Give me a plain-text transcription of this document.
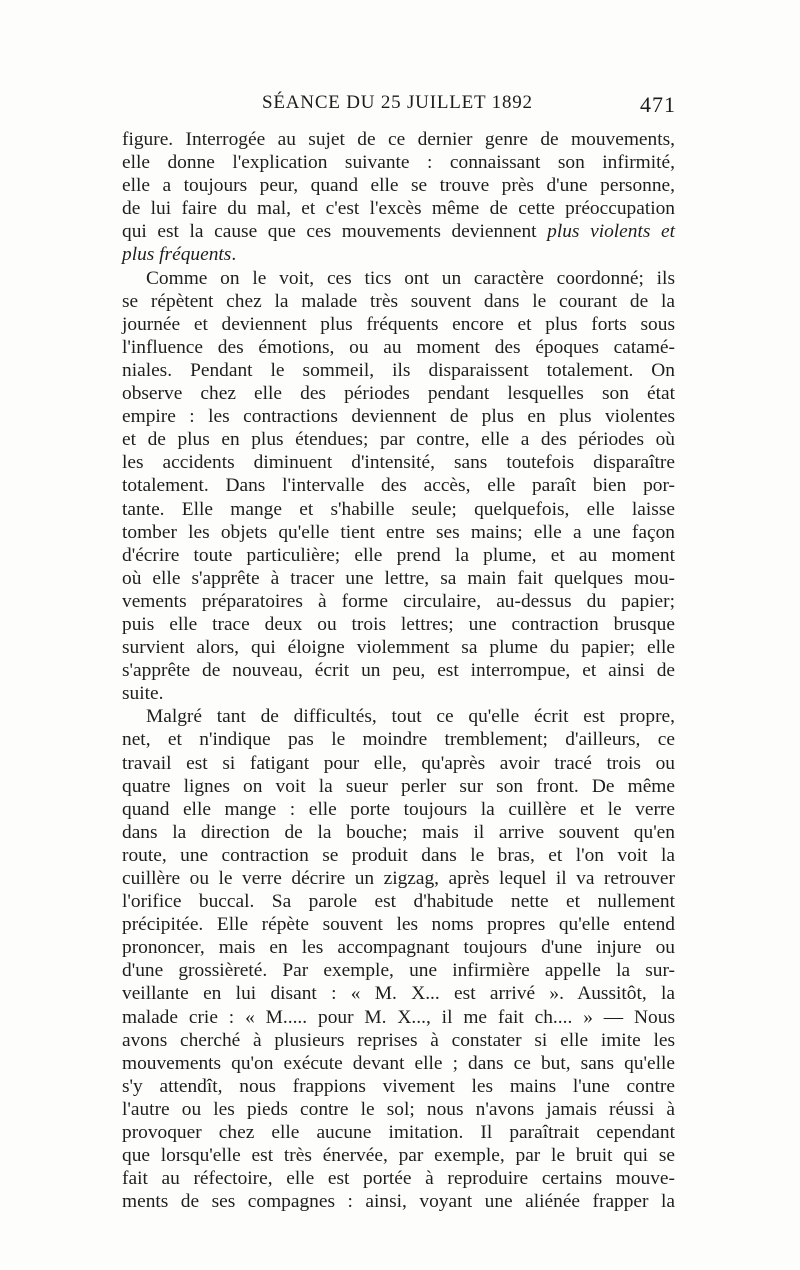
SÉANCE DU 25 JUILLET 1892	471
figure. Interrogée au sujet de ce dernier genre de mouvements,
elle donne l'explication suivante : connaissant son infirmité,
elle a toujours peur, quand elle se trouve près d'une personne,
de lui faire du mal, et c'est l'excès même de cette préoccupation
qui est la cause que ces mouvements deviennent plus violents et
plus fréquents.
Comme on le voit, ces tics ont un caractère coordonné; ils
se répètent chez la malade très souvent dans le courant de la
journée et deviennent plus fréquents encore et plus forts sous
l'influence des émotions, ou au moment des époques catamé-
niales. Pendant le sommeil, ils disparaissent totalement. On
observe chez elle des périodes pendant lesquelles son état
empire : les contractions deviennent de plus en plus violentes
et de plus en plus étendues; par contre, elle a des périodes où
les accidents diminuent d'intensité, sans toutefois disparaître
totalement. Dans l'intervalle des accès, elle paraît bien por-
tante. Elle mange et s'habille seule; quelquefois, elle laisse
tomber les objets qu'elle tient entre ses mains; elle a une façon
d'écrire toute particulière; elle prend la plume, et au moment
où elle s'apprête à tracer une lettre, sa main fait quelques mou-
vements préparatoires à forme circulaire, au-dessus du papier;
puis elle trace deux ou trois lettres; une contraction brusque
survient alors, qui éloigne violemment sa plume du papier; elle
s'apprête de nouveau, écrit un peu, est interrompue, et ainsi de
suite.
Malgré tant de difficultés, tout ce qu'elle écrit est propre,
net, et n'indique pas le moindre tremblement; d'ailleurs, ce
travail est si fatigant pour elle, qu'après avoir tracé trois ou
quatre lignes on voit la sueur perler sur son front. De même
quand elle mange : elle porte toujours la cuillère et le verre
dans la direction de la bouche; mais il arrive souvent qu'en
route, une contraction se produit dans le bras, et l'on voit la
cuillère ou le verre décrire un zigzag, après lequel il va retrouver
l'orifice buccal. Sa parole est d'habitude nette et nullement
précipitée. Elle répète souvent les noms propres qu'elle entend
prononcer, mais en les accompagnant toujours d'une injure ou
d'une grossièreté. Par exemple, une infirmière appelle la sur-
veillante en lui disant : « M. X... est arrivé ». Aussitôt, la
malade crie : « M..... pour M. X..., il me fait ch.... » — Nous
avons cherché à plusieurs reprises à constater si elle imite les
mouvements qu'on exécute devant elle ; dans ce but, sans qu'elle
s'y attendît, nous frappions vivement les mains l'une contre
l'autre ou les pieds contre le sol; nous n'avons jamais réussi à
provoquer chez elle aucune imitation. Il paraîtrait cependant
que lorsqu'elle est très énervée, par exemple, par le bruit qui se
fait au réfectoire, elle est portée à reproduire certains mouve-
ments de ses compagnes : ainsi, voyant une aliénée frapper la
